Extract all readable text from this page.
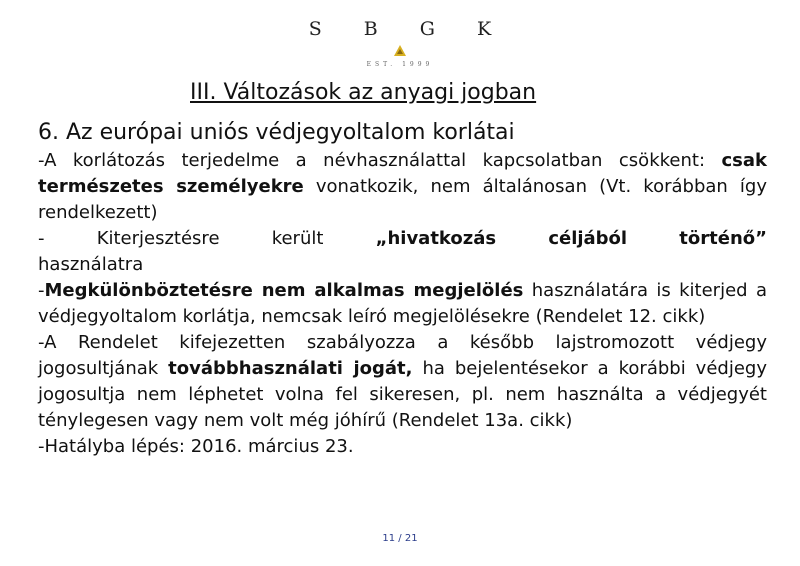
S B G K
EST. 1999
III. Változások az anyagi jogban
6. Az európai uniós védjegyoltalom korlátai

-A korlátozás terjedelme a névhasználattal kapcsolatban csökkent: csak természetes személyekre vonatkozik, nem általánosan (Vt. korábban így rendelkezett)

-	Kiterjesztésre	került	„hivatkozás	céljából	történő”

használatra

-Megkülönböztetésre nem alkalmas megjelölés használatára is kiterjed a védjegyoltalom korlátja, nemcsak leíró megjelölésekre (Rendelet 12. cikk)

-A Rendelet kifejezetten szabályozza a később lajstromozott védjegy jogosultjának továbbhasználati jogát, ha bejelentésekor a korábbi védjegy jogosultja nem léphetet volna fel sikeresen, pl. nem használta a védjegyét ténylegesen vagy nem volt még jóhírű (Rendelet 13a. cikk)

-Hatályba lépés: 2016. március 23.

11 / 21
